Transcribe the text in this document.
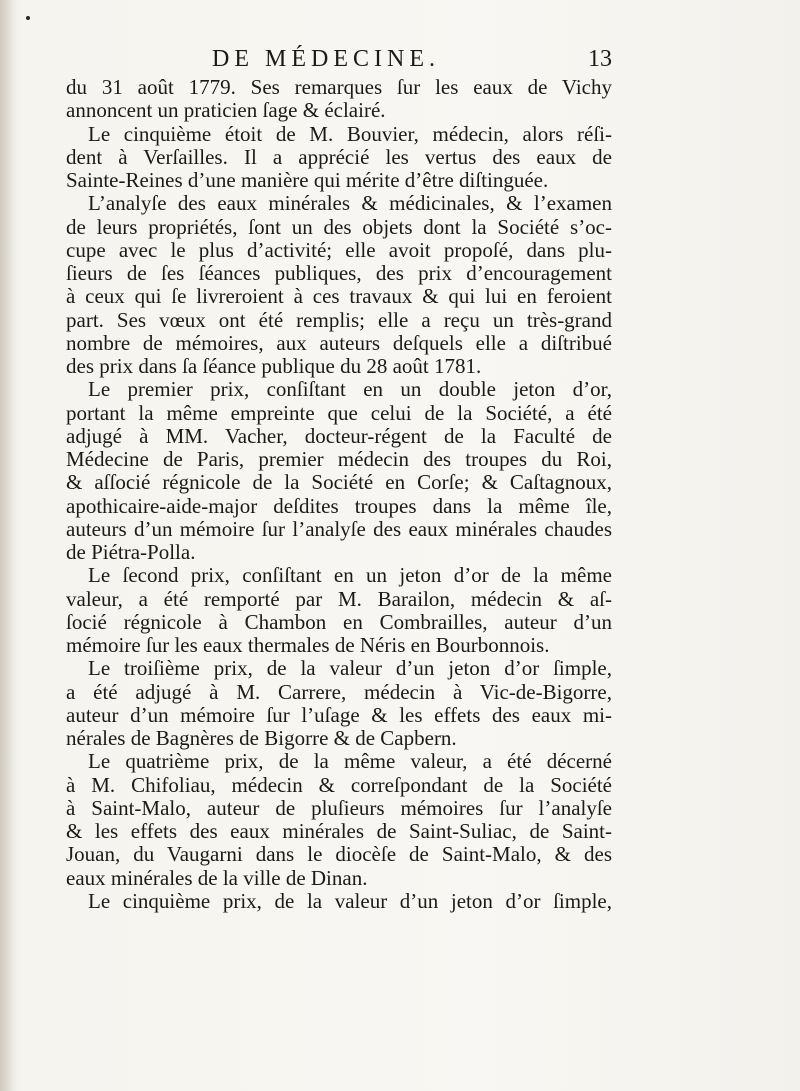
DE MÉDECINE.	13
du 31 août 1779. Ses remarques ſur les eaux de Vichy
annoncent un praticien ſage & éclairé.
Le cinquième étoit de M. Bouvier, médecin, alors réſi-
dent à Verſailles. Il a apprécié les vertus des eaux de
Sainte-Reines d’une manière qui mérite d’être diſtinguée.
L’analyſe des eaux minérales & médicinales, & l’examen
de leurs propriétés, ſont un des objets dont la Société s’oc-
cupe avec le plus d’activité; elle avoit propoſé, dans plu-
ſieurs de ſes ſéances publiques, des prix d’encouragement
à ceux qui ſe livreroient à ces travaux & qui lui en feroient
part. Ses vœux ont été remplis; elle a reçu un très-grand
nombre de mémoires, aux auteurs deſquels elle a diſtribué
des prix dans ſa ſéance publique du 28 août 1781.
Le premier prix, conſiſtant en un double jeton d’or,
portant la même empreinte que celui de la Société, a été
adjugé à MM. Vacher, docteur-régent de la Faculté de
Médecine de Paris, premier médecin des troupes du Roi,
& aſſocié régnicole de la Société en Corſe; & Caſtagnoux,
apothicaire-aide-major deſdites troupes dans la même île,
auteurs d’un mémoire ſur l’analyſe des eaux minérales chaudes
de Piétra-Polla.
Le ſecond prix, conſiſtant en un jeton d’or de la même
valeur, a été remporté par M. Barailon, médecin & aſ-
ſocié régnicole à Chambon en Combrailles, auteur d’un
mémoire ſur les eaux thermales de Néris en Bourbonnois.
Le troiſième prix, de la valeur d’un jeton d’or ſimple,
a été adjugé à M. Carrere, médecin à Vic-de-Bigorre,
auteur d’un mémoire ſur l’uſage & les effets des eaux mi-
nérales de Bagnères de Bigorre & de Capbern.
Le quatrième prix, de la même valeur, a été décerné
à M. Chifoliau, médecin & correſpondant de la Société
à Saint-Malo, auteur de pluſieurs mémoires ſur l’analyſe
& les effets des eaux minérales de Saint-Suliac, de Saint-
Jouan, du Vaugarni dans le diocèſe de Saint-Malo, & des
eaux minérales de la ville de Dinan.
Le cinquième prix, de la valeur d’un jeton d’or ſimple,
